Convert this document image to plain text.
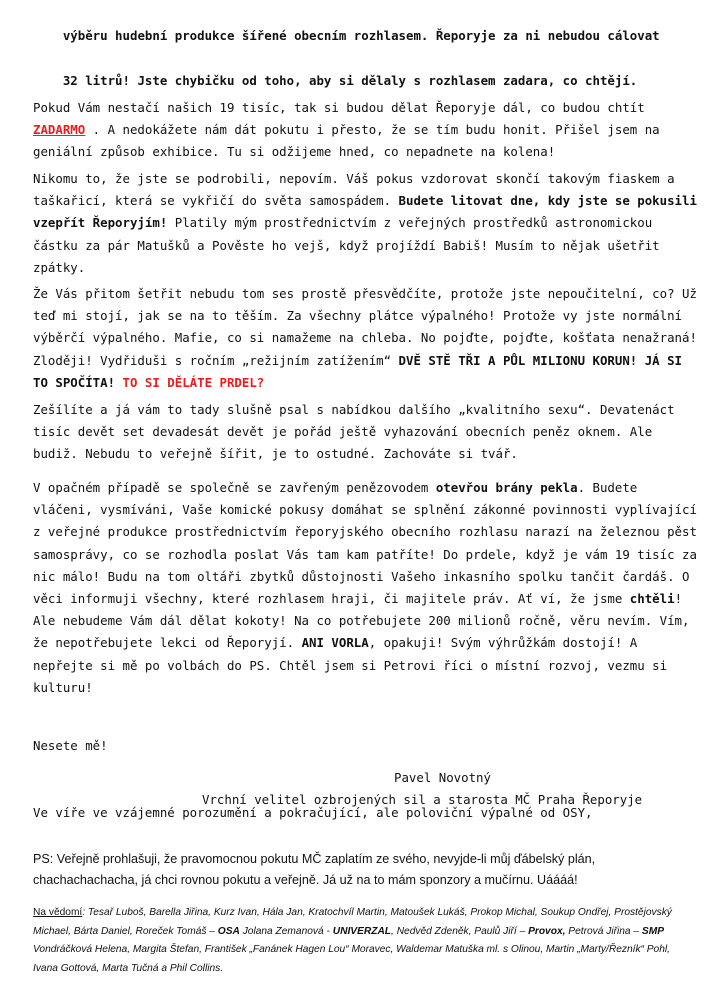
výběru hudební produkce šířené obecním rozhlasem. Řeporyje za ni nebudou cálovat

32 litrů! Jste chybičku od toho, aby si dělaly s rozhlasem zadara, co chtějí.

Pokud Vám nestačí našich 19 tisíc, tak si budou dělat Řeporyje dál, co budou chtít ZADARMO . A nedokážete nám dát pokutu i přesto, že se tím budu honit. Přišel jsem na geniální způsob exhibice. Tu si odžijeme hned, co nepadnete na kolena!

Nikomu to, že jste se podrobili, nepovím. Váš pokus vzdorovat skončí takovým fiaskem a taškařicí, která se vykřičí do světa samospádem. Budete litovat dne, kdy jste se pokusili vzepřít Řeporyjím! Platily mým prostřednictvím z veřejných prostředků astronomickou částku za pár Matušků a Pověste ho vejš, když projíždí Babiš! Musím to nějak ušetřit zpátky.

Že Vás přitom šetřit nebudu tom ses prostě přesvědčíte, protože jste nepoučitelní, co? Už teď mi stojí, jak se na to těším. Za všechny plátce výpalného! Protože vy jste normální výběrčí výpalného. Mafie, co si namažeme na chleba. No pojďte, pojďte, košťata nenažraná! Zloději! Vydřiduši s ročním „režijním zatížením“ DVĚ STĚ TŘI A PŮL MILIONU KORUN! JÁ SI TO SPOČÍTA! TO SI DĚLÁTE PRDEL?

Zešílíte a já vám to tady slušně psal s nabídkou dalšího „kvalitního sexu“. Devatenáct tisíc devět set devadesát devět je pořád ještě vyhazování obecních peněz oknem. Ale budiž. Nebudu to veřejně šířit, je to ostudné. Zachováte si tvář.

V opačném případě se společně se zavřeným penězovodem otevřou brány pekla. Budete vláčeni, vysmíváni, Vaše komické pokusy domáhat se splnění zákonné povinnosti vyplívající z veřejné produkce prostřednictvím řeporyjského obecního rozhlasu narazí na železnou pěst samosprávy, co se rozhodla poslat Vás tam kam patříte! Do prdele, když je vám 19 tisíc za nic málo! Budu na tom oltáři zbytků důstojnosti Vašeho inkasního spolku tančit čardáš. O věci informuji všechny, které rozhlasem hraji, či majitele práv. Ať ví, že jsme chtěli! Ale nebudeme Vám dál dělat kokoty! Na co potřebujete 200 milionů ročně, věru nevím. Vím, že nepotřebujete lekci od Řeporyjí. ANI VORLA, opakuji! Svým výhrůžkám dostojí! A nepřejte si mě po volbách do PS. Chtěl jsem si Petrovi říci o místní rozvoj, vezmu si kulturu!

Nesete mě!

Ve víře ve vzájemné porozumění a pokračující, ale poloviční výpalné od OSY,

Pavel Novotný
Vrchní velitel ozbrojených sil a starosta MČ Praha Řeporyje

PS: Veřejně prohlašuji, že pravomocnou pokutu MČ zaplatím ze svého, nevyjde-li můj ďábelský plán, chachachachacha, já chci rovnou pokutu a veřejně. Já už na to mám sponzory a mučírnu. Uáááá!

Na vědomí: Tesař Luboš, Barella Jiřina, Kurz Ivan, Hála Jan, Kratochvíl Martin, Matoušek Lukáš, Prokop Michal, Soukup Ondřej, Prostějovský Michael, Bárta Daniel, Roreček Tomáš – OSA Jolana Zemanová - UNIVERZAL, Nedvěd Zdeněk, Paulů Jiří – Provox, Petrová Jiřina – SMP Vondráčková Helena, Margita Štefan, František „Fanánek Hagen Lou“ Moravec, Waldemar Matuška ml. s Olinou, Martin „Marty/Řezník“ Pohl, Ivana Gottová, Marta Tučná a Phil Collins.
